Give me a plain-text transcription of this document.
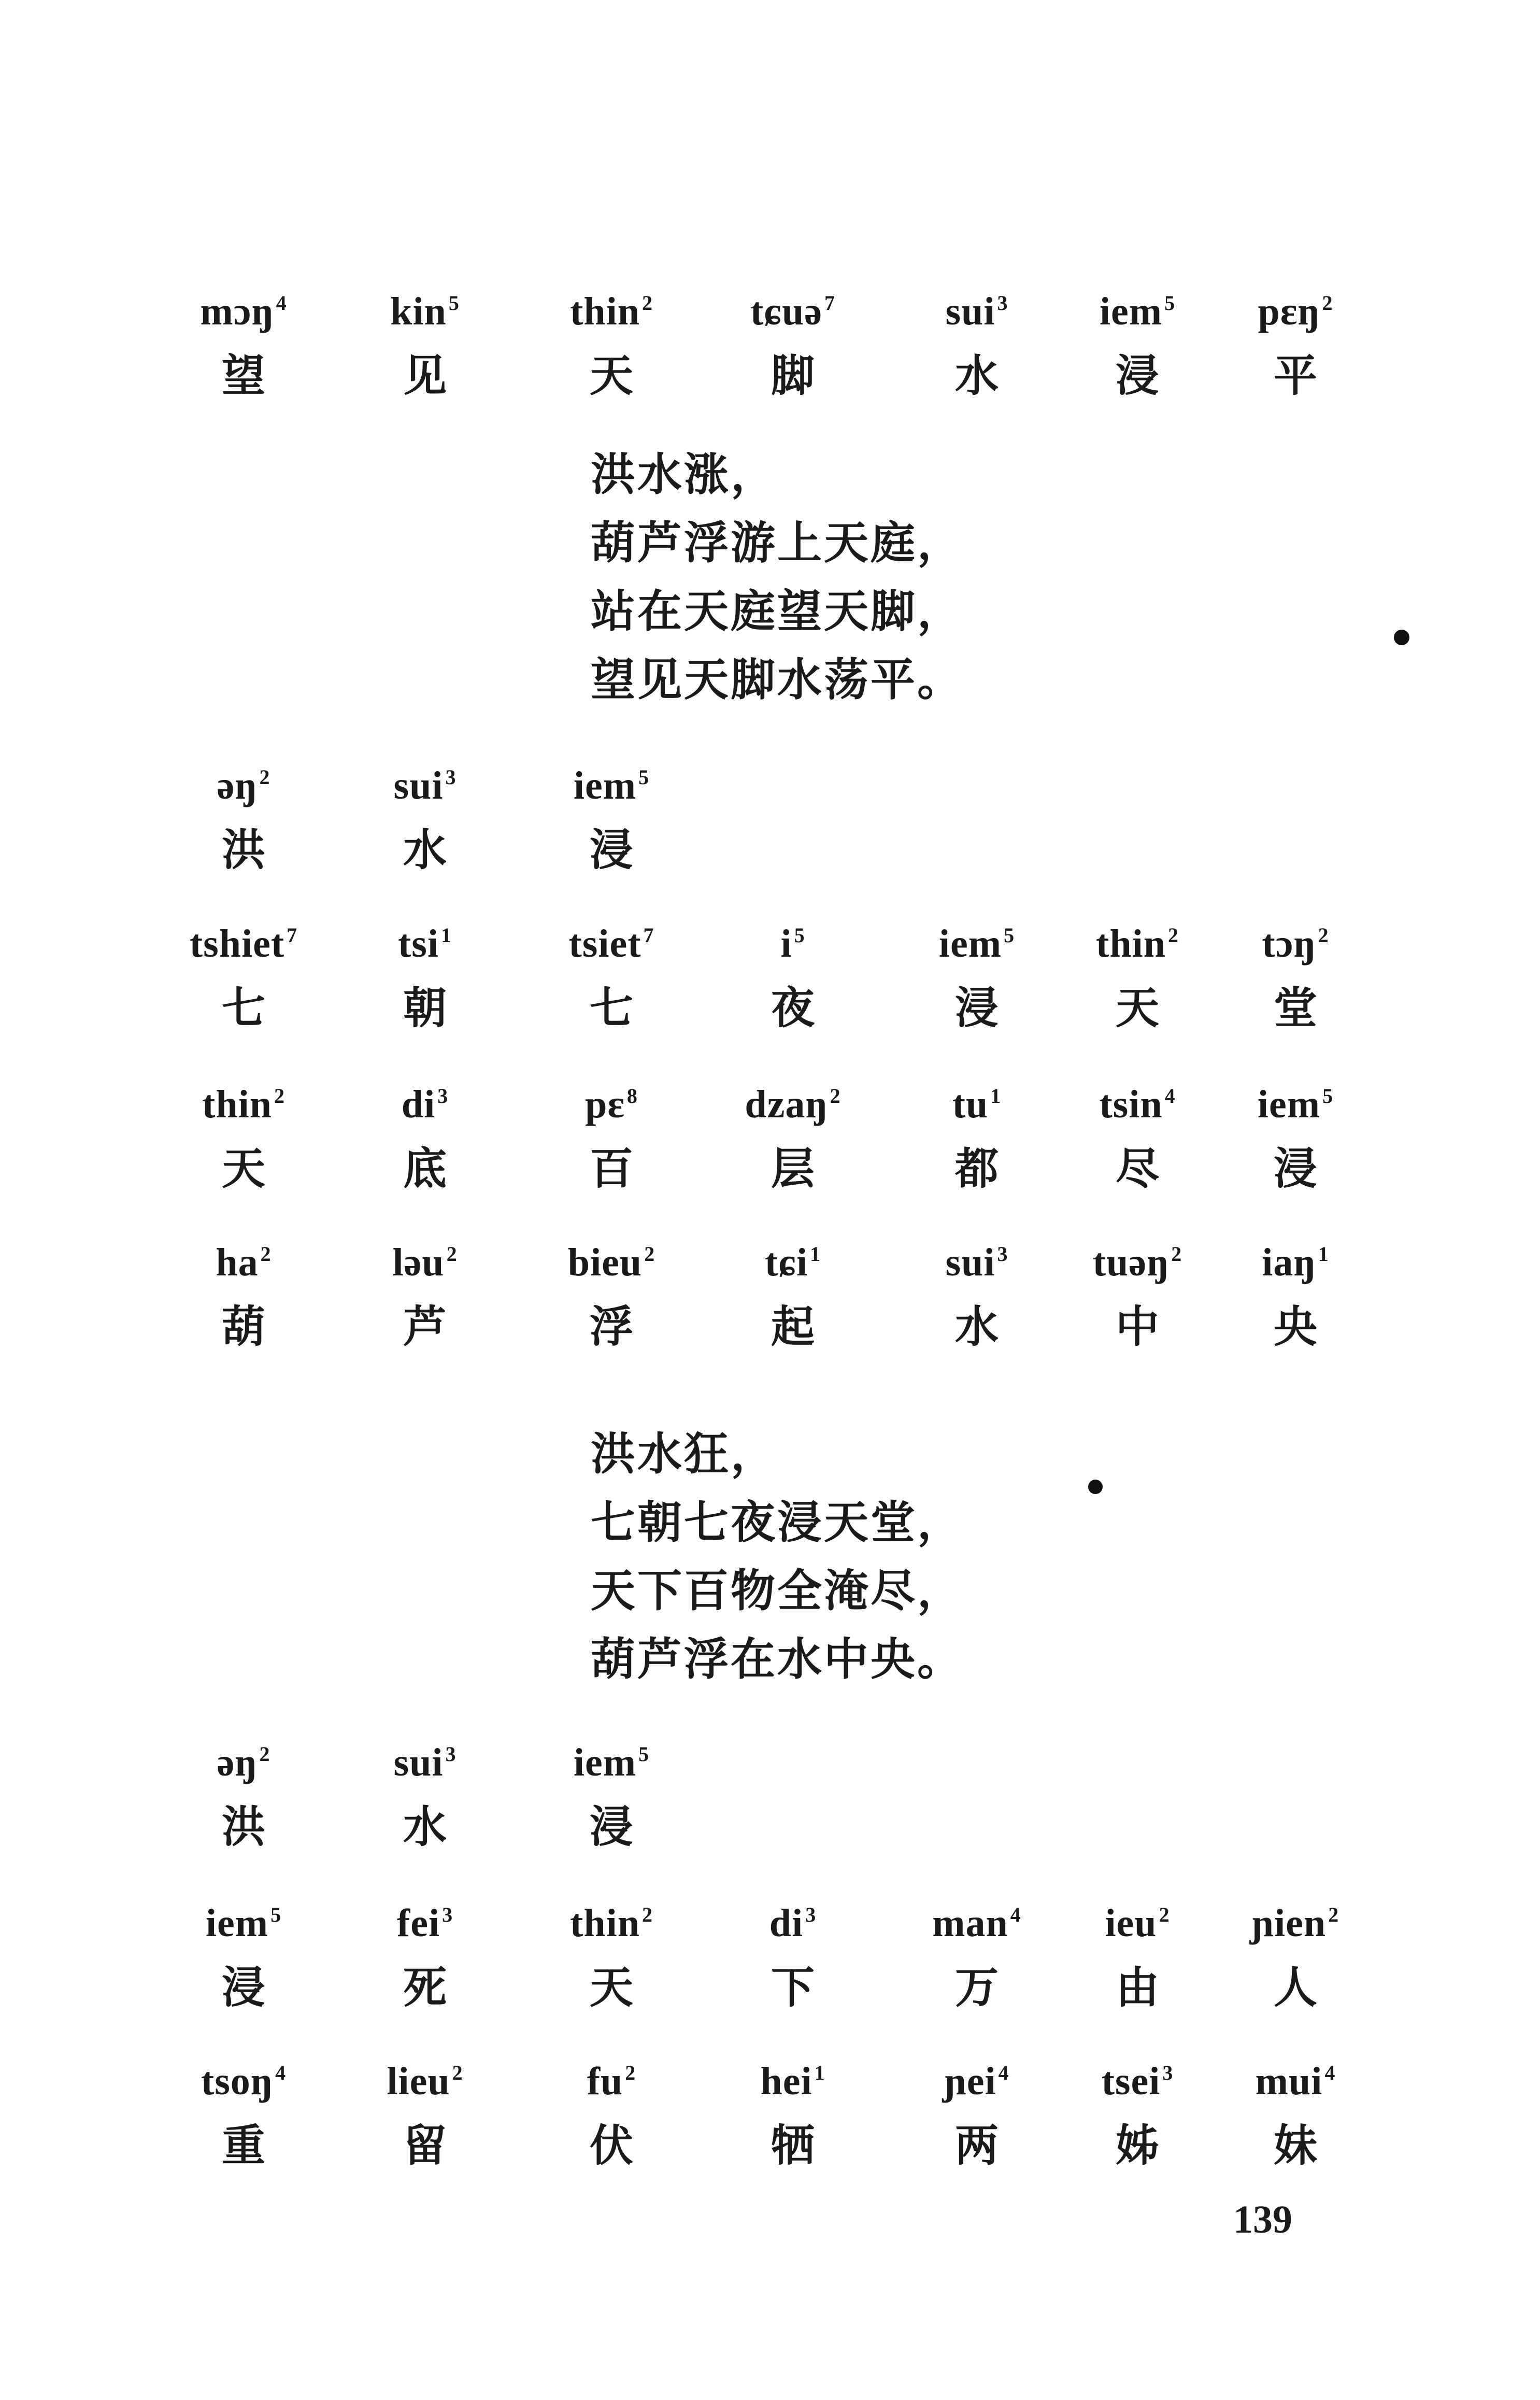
mɔŋ $^4$	kin $^5$	thin $^2$	tɕuə $^7$	sui $^3$	iem $^5$	pɛŋ $^2$
望	见	天	脚	水	浸	平
洪水涨，
葫芦浮游上天庭，
站在天庭望天脚，
望见天脚水荡平。
əŋ $^2$	sui $^3$	iem $^5$
洪	水	浸
tshiet $^7$	tsi $^1$	tsiet $^7$	i $^5$	iem $^5$	thin $^2$	tɔŋ $^2$
七	朝	七	夜	浸	天	堂
thin $^2$	di $^3$	pɛ $^8$	dzaŋ $^2$	tu $^1$	tsin $^4$	iem $^5$
天	底	百	层	都	尽	浸
ha $^2$	ləu $^2$	bieu $^2$	tɕi $^1$	sui $^3$	tuəŋ $^2$	iaŋ $^1$
葫	芦	浮	起	水	中	央
洪水狂，
七朝七夜浸天堂，
天下百物全淹尽，
葫芦浮在水中央。
əŋ $^2$	sui $^3$	iem $^5$
洪	水	浸
iem $^5$	fei $^3$	thin $^2$	di $^3$	man $^4$	ieu $^2$	ɲien $^2$
浸	死	天	下	万	由	人
tsoŋ $^4$	lieu $^2$	fu $^2$	hei $^1$	ɲei $^4$	tsei $^3$	mui $^4$
重	留	伏	牺	两	姊	妹
139
